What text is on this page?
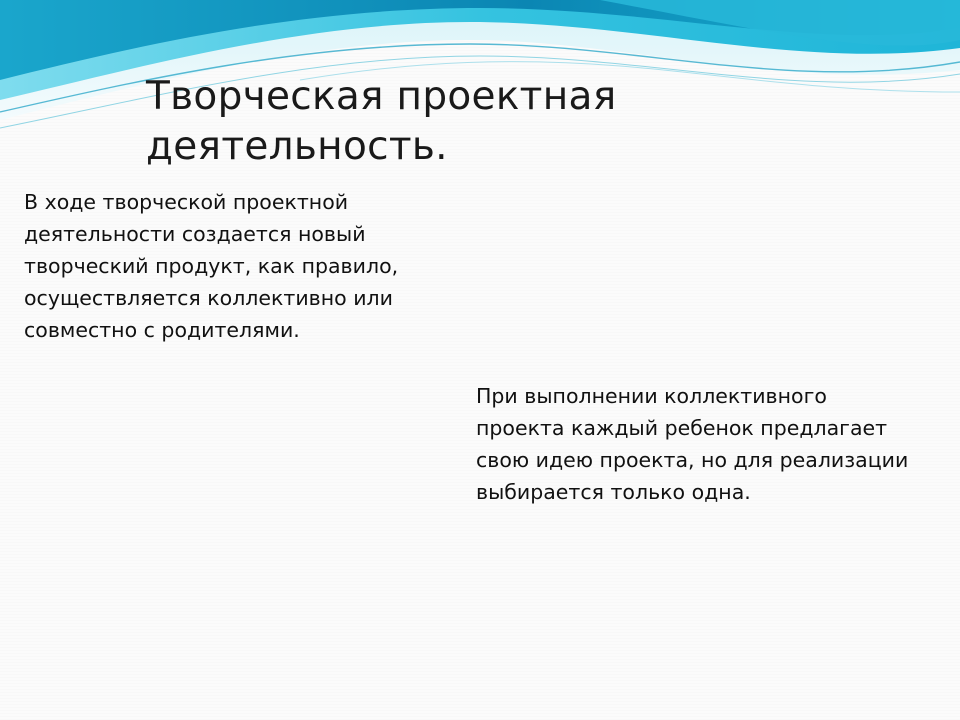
Творческая проектная деятельность.

В ходе творческой проектной деятельности создается новый творческий продукт, как правило, осуществляется коллективно или совместно с родителями.

При выполнении коллективного проекта каждый ребенок предлагает свою идею проекта, но для реализации выбирается только одна.
